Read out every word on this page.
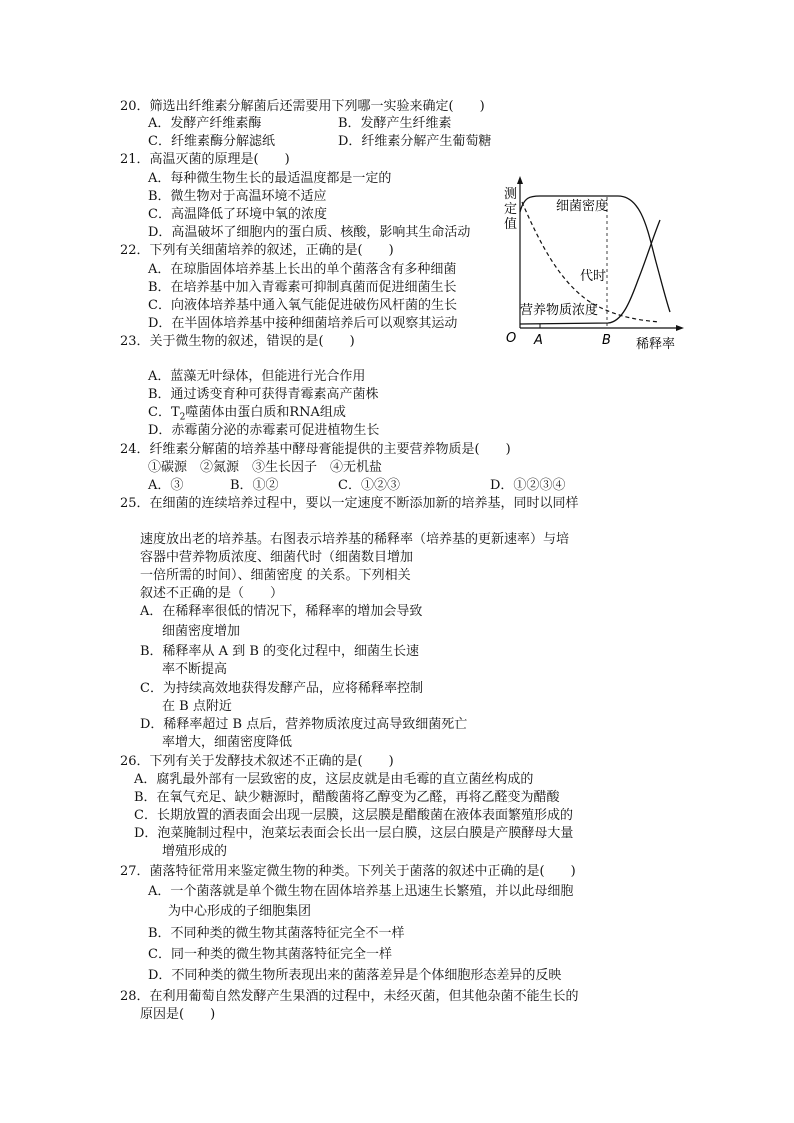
20．筛选出纤维素分解菌后还需要用下列哪一实验来确定(　　)
A．发酵产纤维素酶	B．发酵产生纤维素
C．纤维素酶分解滤纸	D．纤维素分解产生葡萄糖
21．高温灭菌的原理是(　　)
A．每种微生物生长的最适温度都是一定的
B．微生物对于高温环境不适应
C．高温降低了环境中氧的浓度
D．高温破坏了细胞内的蛋白质、核酸，影响其生命活动
22．下列有关细菌培养的叙述，正确的是(　　)
A．在琼脂固体培养基上长出的单个菌落含有多种细菌
B．在培养基中加入青霉素可抑制真菌而促进细菌生长
C．向液体培养基中通入氧气能促进破伤风杆菌的生长
D．在半固体培养基中接种细菌培养后可以观察其运动
23．关于微生物的叙述，错误的是(　　)
A．蓝藻无叶绿体，但能进行光合作用
B．通过诱变育种可获得青霉素高产菌株
C．$T_2$噬菌体由蛋白质和RNA组成
D．赤霉菌分泌的赤霉素可促进植物生长
24．纤维素分解菌的培养基中酵母膏能提供的主要营养物质是(　　)
①碳源　②氮源　③生长因子　④无机盐
A．③	B．①②	C．①②③	D．①②③④
25．在细菌的连续培养过程中，要以一定速度不断添加新的培养基，同时以同样
速度放出老的培养基。右图表示培养基的稀释率（培养基的更新速率）与培
容器中营养物质浓度、细菌代时（细菌数目增加
一倍所需的时间）、细菌密度 的关系。下列相关
叙述不正确的是（　　）
A．在稀释率很低的情况下，稀释率的增加会导致
细菌密度增加
B．稀释率从 A 到 B 的变化过程中，细菌生长速
率不断提高
C．为持续高效地获得发酵产品，应将稀释率控制
在 B 点附近
D．稀释率超过 B 点后，营养物质浓度过高导致细菌死亡
率增大，细菌密度降低
26．下列有关于发酵技术叙述不正确的是(　　)
A．腐乳最外部有一层致密的皮，这层皮就是由毛霉的直立菌丝构成的
B．在氧气充足、缺少糖源时，醋酸菌将乙醇变为乙醛，再将乙醛变为醋酸
C．长期放置的酒表面会出现一层膜，这层膜是醋酸菌在液体表面繁殖形成的
D．泡菜腌制过程中，泡菜坛表面会长出一层白膜，这层白膜是产膜酵母大量
增殖形成的
27．菌落特征常用来鉴定微生物的种类。下列关于菌落的叙述中正确的是(　　)
A．一个菌落就是单个微生物在固体培养基上迅速生长繁殖，并以此母细胞
为中心形成的子细胞集团
B．不同种类的微生物其菌落特征完全不一样
C．同一种类的微生物其菌落特征完全一样
D．不同种类的微生物所表现出来的菌落差异是个体细胞形态差异的反映
28．在利用葡萄自然发酵产生果酒的过程中，未经灭菌，但其他杂菌不能生长的
原因是(　　)
测 定 值
O A	B 稀释率
细菌密度
代时
营养物质浓度
